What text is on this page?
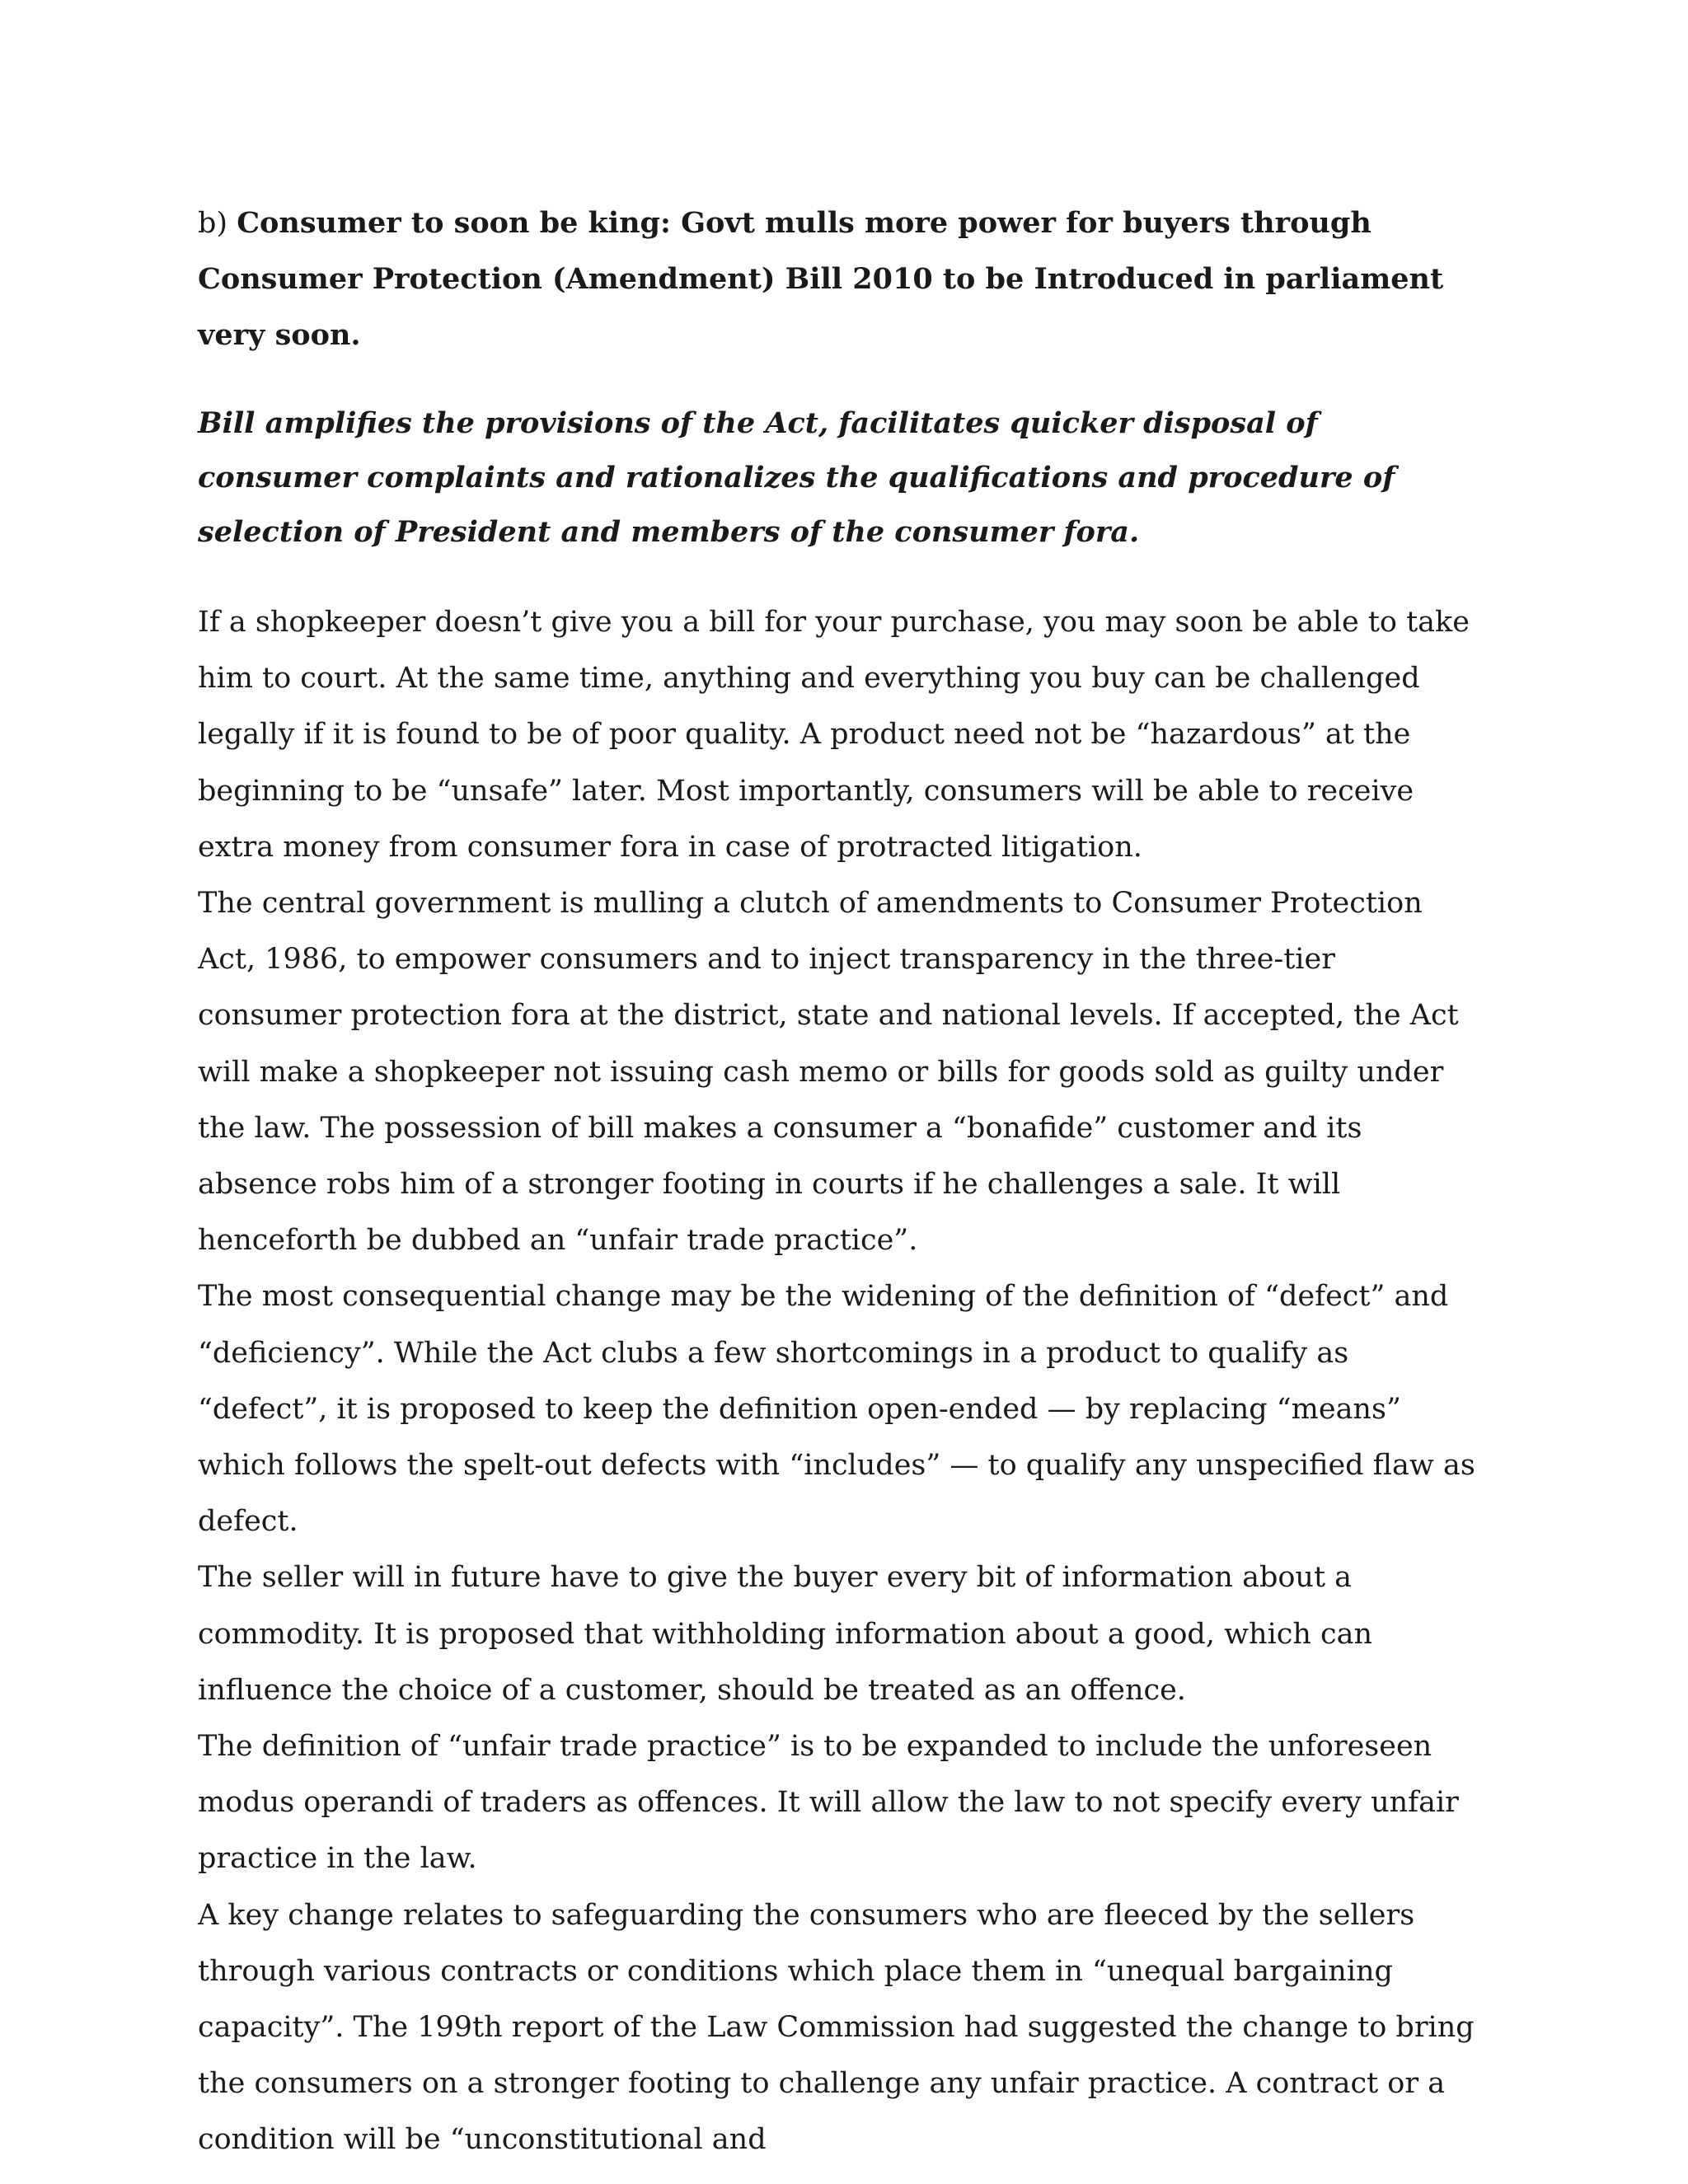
b) Consumer to soon be king: Govt mulls more power for buyers through Consumer Protection (Amendment) Bill 2010 to be Introduced in parliament very soon.

Bill amplifies the provisions of the Act, facilitates quicker disposal of consumer complaints and rationalizes the qualifications and procedure of selection of President and members of the consumer fora.

If a shopkeeper doesn’t give you a bill for your purchase, you may soon be able to take him to court. At the same time, anything and everything you buy can be challenged legally if it is found to be of poor quality. A product need not be “hazardous” at the beginning to be “unsafe” later. Most importantly, consumers will be able to receive extra money from consumer fora in case of protracted litigation.

The central government is mulling a clutch of amendments to Consumer Protection Act, 1986, to empower consumers and to inject transparency in the three-tier consumer protection fora at the district, state and national levels. If accepted, the Act will make a shopkeeper not issuing cash memo or bills for goods sold as guilty under the law. The possession of bill makes a consumer a “bonafide” customer and its absence robs him of a stronger footing in courts if he challenges a sale. It will henceforth be dubbed an “unfair trade practice”.

The most consequential change may be the widening of the definition of “defect” and “deficiency”. While the Act clubs a few shortcomings in a product to qualify as “defect”, it is proposed to keep the definition open-ended — by replacing “means” which follows the spelt-out defects with “includes” — to qualify any unspecified flaw as defect.

The seller will in future have to give the buyer every bit of information about a commodity. It is proposed that withholding information about a good, which can influence the choice of a customer, should be treated as an offence.

The definition of “unfair trade practice” is to be expanded to include the unforeseen modus operandi of traders as offences. It will allow the law to not specify every unfair practice in the law.

A key change relates to safeguarding the consumers who are fleeced by the sellers through various contracts or conditions which place them in “unequal bargaining capacity”. The 199th report of the Law Commission had suggested the change to bring the consumers on a stronger footing to challenge any unfair practice. A contract or a condition will be “unconstitutional and
